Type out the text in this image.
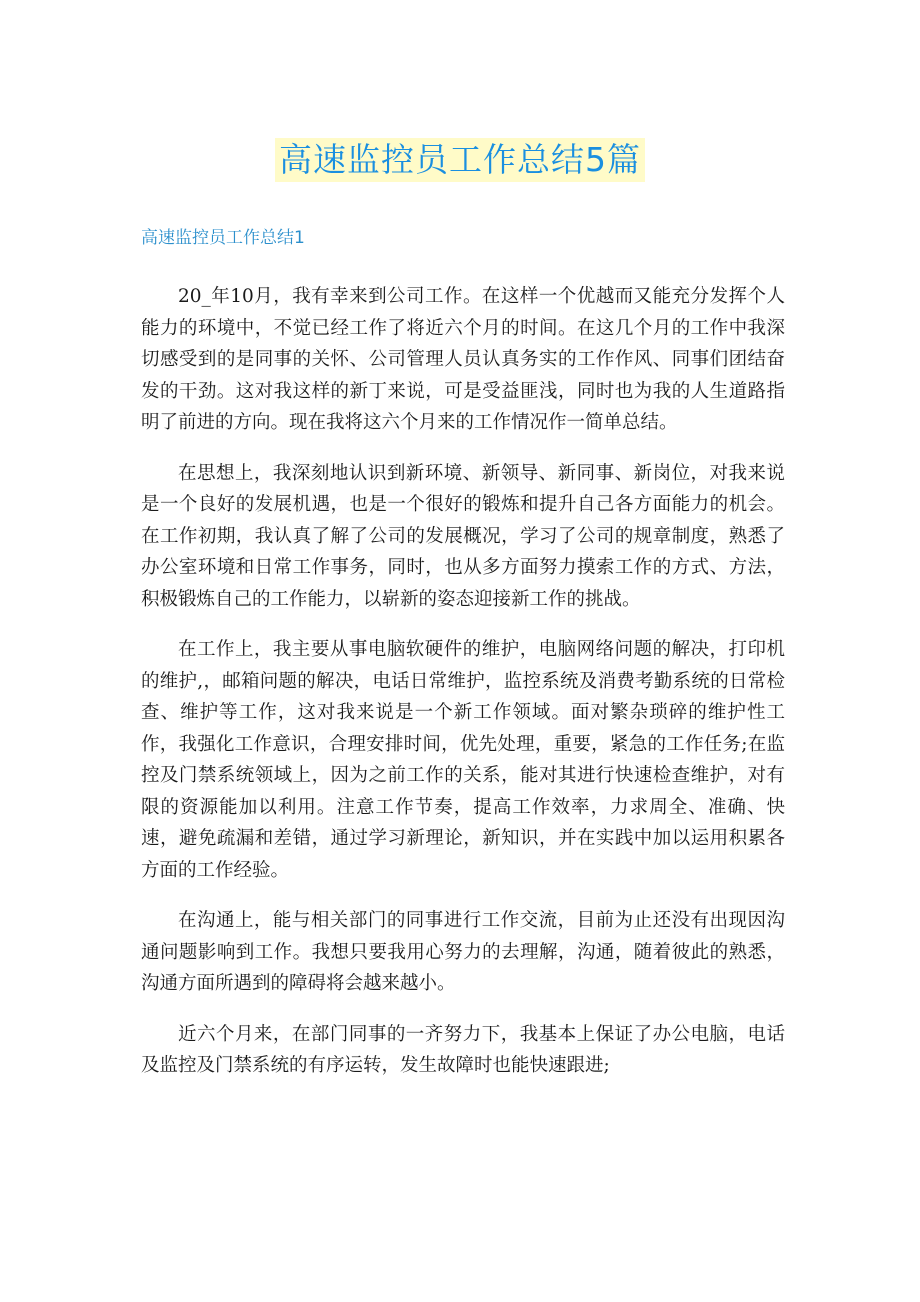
高速监控员工作总结5篇
高速监控员工作总结1

20_年10月，我有幸来到公司工作。在这样一个优越而又能充分发挥个人能力的环境中，不觉已经工作了将近六个月的时间。在这几个月的工作中我深切感受到的是同事的关怀、公司管理人员认真务实的工作作风、同事们团结奋发的干劲。这对我这样的新丁来说，可是受益匪浅，同时也为我的人生道路指明了前进的方向。现在我将这六个月来的工作情况作一简单总结。

在思想上，我深刻地认识到新环境、新领导、新同事、新岗位，对我来说是一个良好的发展机遇，也是一个很好的锻炼和提升自己各方面能力的机会。在工作初期，我认真了解了公司的发展概况，学习了公司的规章制度，熟悉了办公室环境和日常工作事务，同时，也从多方面努力摸索工作的方式、方法，积极锻炼自己的工作能力，以崭新的姿态迎接新工作的挑战。

在工作上，我主要从事电脑软硬件的维护，电脑网络问题的解决，打印机的维护,，邮箱问题的解决，电话日常维护，监控系统及消费考勤系统的日常检查、维护等工作，这对我来说是一个新工作领域。面对繁杂琐碎的维护性工作，我强化工作意识，合理安排时间，优先处理，重要，紧急的工作任务;在监控及门禁系统领域上，因为之前工作的关系，能对其进行快速检查维护，对有限的资源能加以利用。注意工作节奏，提高工作效率，力求周全、准确、快速，避免疏漏和差错，通过学习新理论，新知识，并在实践中加以运用积累各方面的工作经验。

在沟通上，能与相关部门的同事进行工作交流，目前为止还没有出现因沟通问题影响到工作。我想只要我用心努力的去理解，沟通，随着彼此的熟悉，沟通方面所遇到的障碍将会越来越小。

近六个月来，在部门同事的一齐努力下，我基本上保证了办公电脑，电话及监控及门禁系统的有序运转，发生故障时也能快速跟进;
